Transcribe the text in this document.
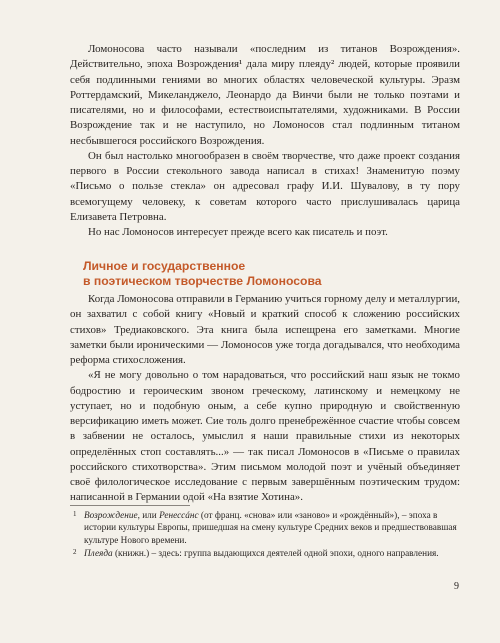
Ломоносова часто называли «последним из титанов Возрождения». Действительно, эпоха Возрождения¹ дала миру плеяду² людей, которые проявили себя подлинными гениями во многих областях человеческой культуры. Эразм Роттердамский, Микеланджело, Леонардо да Винчи были не только поэтами и писателями, но и философами, естествоиспытателями, художниками. В России Возрождение так и не наступило, но Ломоносов стал подлинным титаном несбывшегося российского Возрождения.

Он был настолько многообразен в своём творчестве, что даже проект создания первого в России стекольного завода написал в стихах! Знаменитую поэму «Письмо о пользе стекла» он адресовал графу И.И. Шувалову, в ту пору всемогущему человеку, к советам которого часто прислушивалась царица Елизавета Петровна.

Но нас Ломоносов интересует прежде всего как писатель и поэт.

Личное и государственное
в поэтическом творчестве Ломоносова

Когда Ломоносова отправили в Германию учиться горному делу и металлургии, он захватил с собой книгу «Новый и краткий способ к сложению российских стихов» Тредиаковского. Эта книга была испещрена его заметками. Многие заметки были ироническими — Ломоносов уже тогда догадывался, что необходима реформа стихосложения.

«Я не могу довольно о том нарадоваться, что российский наш язык не токмо бодростию и героическим звоном греческому, латинскому и немецкому не уступает, но и подобную оным, а себе купно природную и свойственную версификацию иметь может. Сие толь долго пренебрежённое счастие чтобы совсем в забвении не осталось, умыслил я наши правильные стихи из некоторых определённых стоп составлять...» — так писал Ломоносов в «Письме о правилах российского стихотворства». Этим письмом молодой поэт и учёный объединяет своё филологическое исследование с первым завершённым поэтическим трудом: написанной в Германии одой «На взятие Хотина».

1 Возрождение, или Ренессáнс (от франц. «снова» или «заново» и «рождённый»), – эпоха в истории культуры Европы, пришедшая на смену культуре Средних веков и предшествовавшая культуре Нового времени.

2 Плеяда (книжн.) – здесь: группа выдающихся деятелей одной эпохи, одного направления.

9
